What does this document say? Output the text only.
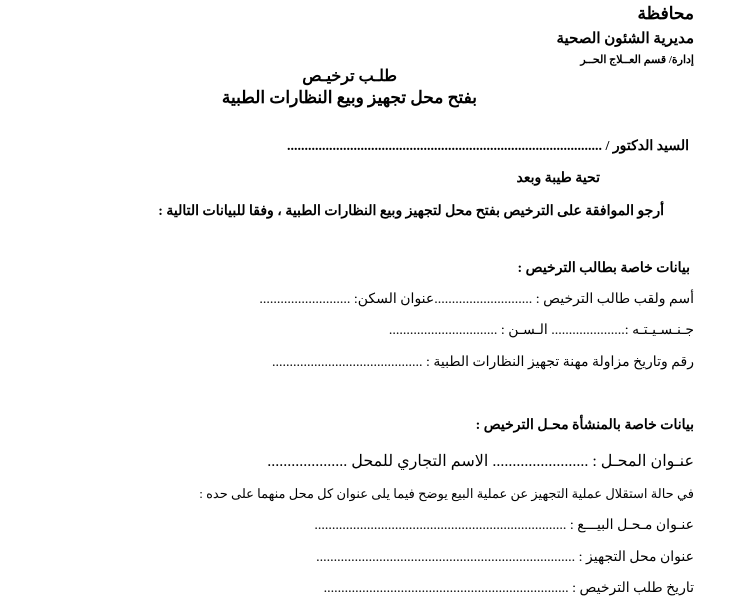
محافظة
مديرية الشئون الصحية
إدارة/ قسم العــلاج الحــر
طلـب ترخيـص
بفتح محل تجهيز وبيع النظارات الطبية
السيد الدكتور / ..........................................................................................
تحية طيبة وبعد
أرجو الموافقة على الترخيص بفتح محل لتجهيز وبيع النظارات الطبية ، وفقا للبيانات التالية :
بيانات خاصة بطالب الترخيص :
أسم ولقب طالب الترخيص : ............................عنوان السكن: ..........................
جـنـسـيـتـه :..................... الـسـن : ...............................
رقم وتاريخ مزاولة مهنة تجهيز النظارات الطبية : ...........................................
بيانات خاصة بالمنشأة محـل الترخيص :
عنـوان المحـل : ........................ الاسم التجاري للمحل ....................
في حالة استقلال عملية التجهيز عن عملية البيع يوضح فيما يلى عنوان كل محل منهما على حده :
عنـوان مـحـل البيـــع : ........................................................................
عنوان محل التجهيز : ..........................................................................
تاريخ طلب الترخيص : ......................................................................
